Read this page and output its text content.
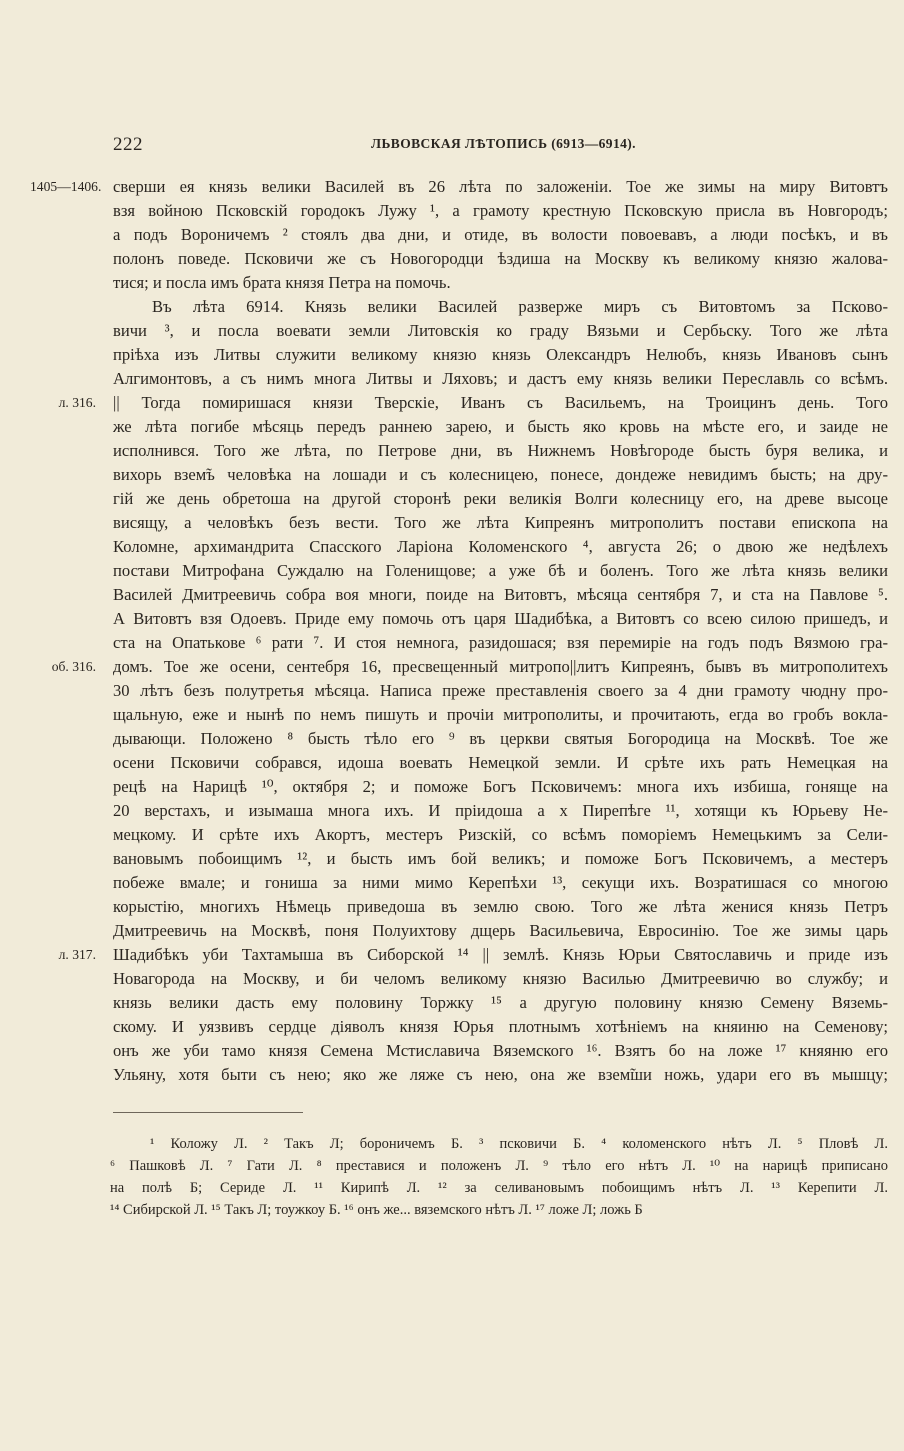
222	ЛЬВОВСКАЯ ЛѢТОПИСЬ (6913—6914).
1405—1406.
л. 316.
об. 316.
л. 317.
сверши ея князь велики Василей въ 26 лѣта по заложеніи. Тое же зимы на миру Витовтъ
взя войною Псковскій городокъ Лужу ¹, а грамоту крестную Псковскую присла въ Новгородъ;
а подъ Вороничемъ ² стоялъ два дни, и отиде, въ волости повоевавъ, а люди посѣкъ, и въ
полонъ поведе. Псковичи же съ Новогородци ѣздиша на Москву къ великому князю жалова-
тися; и посла имъ брата князя Петра на помочь.
Въ лѣта 6914. Князь велики Василей разверже миръ съ Витовтомъ за Псково-
вичи ³, и посла воевати земли Литовскія ко граду Вязьми и Сербьску. Того же лѣта
пріѣха изъ Литвы служити великому князю князь Олександръ Нелюбъ, князь Ивановъ сынъ
Алгимонтовъ, а съ нимъ многа Литвы и Ляховъ; и дастъ ему князь велики Переславль со всѣмъ.
|| Тогда помиришася князи Тверскіе, Иванъ съ Васильемъ, на Троицинъ день. Того
же лѣта погибе мѣсяць передъ раннею зарею, и бысть яко кровь на мѣсте его, и заиде не
исполнився. Того же лѣта, по Петрове дни, въ Нижнемъ Новѣгороде бысть буря велика, и
вихорь взем̃ъ человѣка на лошади и съ колесницею, понесе, дондеже невидимъ бысть; на дру-
гій же день обретоша на другой сторонѣ реки великія Волги колесницу его, на древе высоце
висящу, а человѣкъ безъ вести. Того же лѣта Кипреянъ митрополитъ постави епископа на
Коломне, архимандрита Спасского Ларіона Коломенского ⁴, августа 26; о двою же недѣлехъ
постави Митрофана Суждалю на Голенищове; а уже бѣ и боленъ. Того же лѣта князь велики
Василей Дмитреевичь собра воя многи, поиде на Витовтъ, мѣсяца сентября 7, и ста на Павлове ⁵.
А Витовтъ взя Одоевъ. Приде ему помочь отъ царя Шадибѣка, а Витовтъ со всею силою пришедъ, и
ста на Опатькове ⁶ рати ⁷. И стоя немнога, разидошася; взя перемиріе на годъ подъ Вязмою гра-
домъ. Тое же осени, сентебря 16, пресвещенный митропо||литъ Кипреянъ, бывъ въ митрополитехъ
30 лѣтъ безъ полутретья мѣсяца. Написа преже преставленія своего за 4 дни грамоту чюдну про-
щальную, еже и нынѣ по немъ пишуть и прочіи митрополиты, и прочитають, егда во гробъ вокла-
дывающи. Положено ⁸ бысть тѣло его ⁹ въ церкви святыя Богородица на Москвѣ. Тое же
осени Псковичи собрався, идоша воевать Немецкой земли. И срѣте ихъ рать Немецкая на
рецѣ на Нарицѣ ¹⁰, октября 2; и поможе Богъ Псковичемъ: многа ихъ избиша, гоняще на
20 верстахъ, и изымаша многа ихъ. И пріидоша а х Пирепѣге ¹¹, хотящи къ Юрьеву Не-
мецкому. И срѣте ихъ Акортъ, местеръ Ризскій, со всѣмъ поморіемъ Немецькимъ за Сели-
вановымъ побоищимъ ¹², и бысть имъ бой великъ; и поможе Богъ Псковичемъ, а местеръ
побеже вмале; и гониша за ними мимо Керепѣхи ¹³, секущи ихъ. Возратишася со многою
корыстію, многихъ Нѣмець приведоша въ землю свою. Того же лѣта женися князь Петръ
Дмитреевичь на Москвѣ, поня Полуихтову дщерь Васильевича, Евросинію. Тое же зимы царь
Шадибѣкъ уби Тахтамыша въ Сиборской ¹⁴ || землѣ. Князь Юрьи Святославичь и приде изъ
Новагорода на Москву, и би челомъ великому князю Василью Дмитреевичю во службу; и
князь велики дасть ему половину Торжку ¹⁵ а другую половину князю Семену Вяземь-
скому. И уязвивъ сердце діяволъ князя Юрья плотнымъ хотѣніемъ на княиню на Семенову;
онъ же уби тамо князя Семена Мстиславича Вяземского ¹⁶. Взятъ бо на ложе ¹⁷ княяню его
Ульяну, хотя быти съ нею; яко же ляже съ нею, она же взем̃ши ножь, удари его въ мышцу;
¹ Коложу Л. ² Такъ Л; бороничемъ Б. ³ псковичи Б. ⁴ коломенского нѣтъ Л. ⁵ Пловѣ Л.
⁶ Пашковѣ Л. ⁷ Гати Л. ⁸ преставися и положенъ Л. ⁹ тѣло его нѣтъ Л. ¹⁰ на нарицѣ приписано
на полѣ Б; Сериде Л. ¹¹ Кирипѣ Л. ¹² за селивановымъ побоищимъ нѣтъ Л. ¹³ Керепити Л.
¹⁴ Сибирской Л. ¹⁵ Такъ Л; тоужкоу Б. ¹⁶ онъ же... вяземского нѣтъ Л. ¹⁷ ложе Л; ложь Б
